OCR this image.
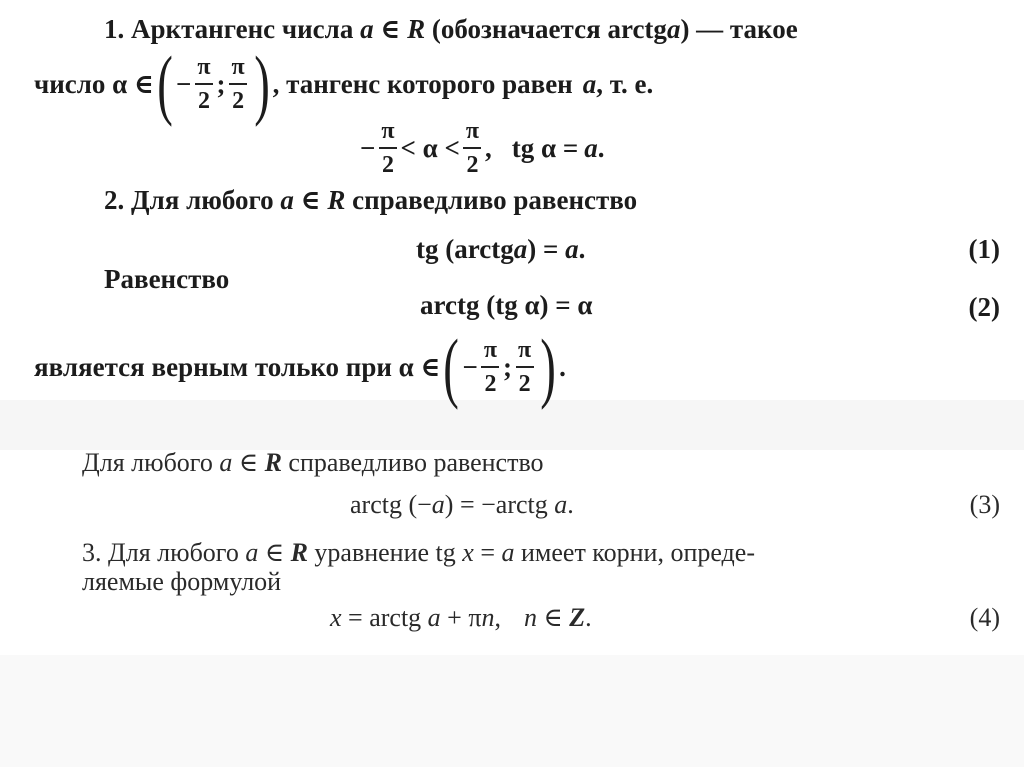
1. Арктангенс числа a ∈ R (обозначается arctga) — такое
число α ∈ ( − $\frac{\pi}{2}$ ; $\frac{\pi}{2}$ ) , тангенс которого равен a , т. е.
− $\frac{\pi}{2} < \alpha < \frac{\pi}{2}$ , tg α = a .
2. Для любого a ∈ R справедливо равенство
tg (arctga) = a.	(1)
Равенство
arctg (tg α) = α	(2)
является верным только при α ∈ ( − $\frac{\pi}{2}$ ; $\frac{\pi}{2}$ ) .
Для любого a ∈ R справедливо равенство
arctg (−a) = −arctg a.	(3)
3. Для любого a ∈ R уравнение tg x = a имеет корни, опреде-
ляемые формулой
x = arctg a + πn, n ∈ Z.	(4)
